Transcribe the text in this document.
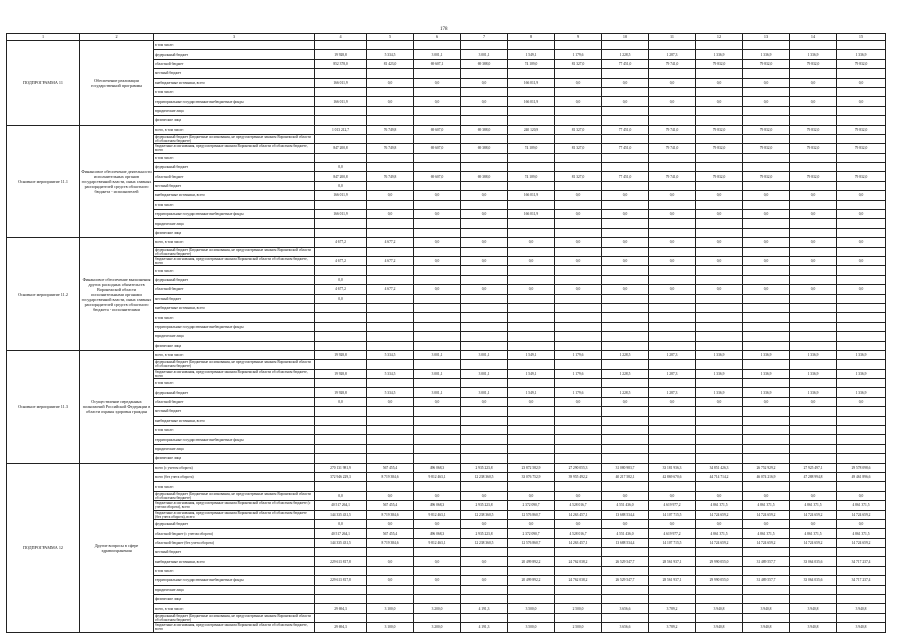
178
1	2	3	4	5	6	7	8	9	10	11	12	13	14	15
ПОДПРОГРАММА 11	Обеспечение реализации государственной программы	в том числе:												
		федеральный бюджет	19 928,8	5 334,5	3 001,1	3 001,1	1 549,1	1 179,6	1 228,5	1 287,3	1 336,9	1 336,9	1 336,9	1 336,9
		областной бюджет	852 378,0	81 423,0	69 607,1	69 388,0	74 109,0	81 327,0	77 451,0	79 741,0	79 832,0	79 832,0	79 832,0	79 832,0
		местный бюджет												
		внебюджетные источники, всего	166 011,9	0,0	0,0	0,0	166 011,9	0,0	0,0	0,0	0,0	0,0	0,0	0,0
		в том числе:												
		территориальные государственные внебюджетные фонды	166 011,9	0,0	0,0	0,0	166 011,9	0,0	0,0	0,0	0,0	0,0	0,0	0,0
		юридические лица												
		физические лица												
Основное мероприятие 11.1	Финансовое обеспечение деятельности исполнительных органов государственной власти, иных главных распорядителей средств областного бюджета - исполнителей	всего, в том числе:	1 013 212,7	76 749,8	69 607,0	69 388,0	240 120,9	81 327,0	77 451,0	79 741,0	79 832,0	79 832,0	79 832,0	79 832,0
		федеральный бюджет (Бюджетные ассигнования, не предусмотренные законом Воронежской области об областном бюджете)												
		бюджетные ассигнования, предусмотренные законом Воронежской области об областном бюджете, всего	847 200,8	76 749,8	69 607,0	69 388,0	74 109,0	81 327,0	77 451,0	79 741,0	79 832,0	79 832,0	79 832,0	79 832,0
		в том числе:												
		федеральный бюджет	0,0											
		областной бюджет	847 200,8	76 749,8	69 607,0	69 388,0	74 109,0	81 327,0	77 451,0	79 741,0	79 832,0	79 832,0	79 832,0	79 832,0
		местный бюджет	0,0											
		внебюджетные источники, всего	166 011,9	0,0	0,0	0,0	166 011,9	0,0	0,0	0,0	0,0	0,0	0,0	0,0
		в том числе:												
		территориальные государственные внебюджетные фонды	166 011,9	0,0	0,0	0,0	166 011,9	0,0	0,0	0,0	0,0	0,0	0,0	0,0
		юридические лица												
		физические лица												
Основное мероприятие 11.2	Финансовое обеспечение выполнения других расходных обязательств Воронежской области исполнительными органами государственной власти, иных главных распорядителей средств областного бюджета - исполнителями	всего, в том числе:	4 677,2	4 677,2	0,0	0,0	0,0	0,0	0,0	0,0	0,0	0,0	0,0	0,0
		федеральный бюджет (Бюджетные ассигнования, не предусмотренные законом Воронежской области об областном бюджете)												
		бюджетные ассигнования, предусмотренные законом Воронежской области об областном бюджете, всего	4 677,2	4 677,2	0,0	0,0	0,0	0,0	0,0	0,0	0,0	0,0	0,0	0,0
		в том числе:												
		федеральный бюджет	0,0											
		областной бюджет	4 677,2	4 677,2	0,0	0,0	0,0	0,0	0,0	0,0	0,0	0,0	0,0	0,0
		местный бюджет	0,0											
		внебюджетные источники, всего												
		в том числе:												
		территориальные государственные внебюджетные фонды												
		юридические лица												
		физические лица												
Основное мероприятие 11.3	Осуществление переданных полномочий Российской Федерации в области охраны здоровья граждан	всего, в том числе:	19 928,8	5 334,5	3 001,1	3 001,1	1 549,1	1 179,6	1 228,5	1 287,3	1 336,9	1 336,9	1 336,9	1 336,9
		федеральный бюджет (Бюджетные ассигнования, не предусмотренные законом Воронежской области об областном бюджете)												
		бюджетные ассигнования, предусмотренные законом Воронежской области об областном бюджете, всего	19 928,8	5 334,5	3 001,1	3 001,1	1 549,1	1 179,6	1 228,5	1 287,3	1 336,9	1 336,9	1 336,9	1 336,9
		в том числе:												
		федеральный бюджет	19 928,8	5 334,5	3 001,1	3 001,1	1 549,1	1 179,6	1 228,5	1 287,3	1 336,9	1 336,9	1 336,9	1 336,9
		областной бюджет	0,0	0,0	0,0	0,0	0,0	0,0	0,0	0,0	0,0	0,0	0,0	0,0
		местный бюджет												
		внебюджетные источники, всего												
		в том числе:												
		территориальные государственные внебюджетные фонды												
		юридические лица												
		физические лица												
ПОДПРОГРАММА 12	Другие вопросы в сфере здравоохранения	всего (с учетом оборота)	270 131 981,9	567 455,4	496 068,3	2 935 223,8	23 872 582,9	27 290 055,3	31 080 983,7	33 181 936,3	34 851 426,3	26 752 929,2	27 925 497,1	29 578 098,6
		всего (без учета оборота)	372 946 229,3	8 719 384,6	9 812 463,1	12 238 360,5	33 076 752,9	39 955 492,2	40 217 582,1	42 869 670,6	44 714 714,2	46 074 216,9	47 288 994,8	49 461 896,6
		в том числе:												
		федеральный бюджет (Бюджетные ассигнования, не предусмотренные законом Воронежской области об областном бюджете)	0,0	0,0	0,0	0,0	0,0	0,0	0,0	0,0	0,0	0,0	0,0	0,0
		бюджетные ассигнования, предусмотренные законом Воронежской области об областном бюджете (с учетом оборота), всего	40 517 264,1	567 455,4	496 068,3	2 935 223,8	2 372 090,7	4 528 016,7	4 551 436,0	4 619 977,2	4 861 371,5	4 861 371,5	4 861 371,5	4 861 371,5
		бюджетные ассигнования, предусмотренные законом Воронежской области об областном бюджете (без учета оборота), всего	144 335 431,5	8 719 384,6	9 812 463,1	12 238 360,5	12 576 860,7	14 263 457,1	13 688 534,4	14 107 715,5	14 724 659,2	14 724 659,2	14 724 659,2	14 724 659,2
		федеральный бюджет	0,0	0,0	0,0	0,0	0,0	0,0	0,0	0,0	0,0	0,0	0,0	0,0
		областной бюджет (с учетом оборота)	40 517 264,1	567 455,4	496 068,3	2 935 223,8	2 372 090,7	4 528 016,7	4 551 436,0	4 619 977,2	4 861 371,5	4 861 371,5	4 861 371,5	4 861 371,5
		областной бюджет (без учета оборота)	144 335 431,5	8 719 384,6	9 812 463,1	12 238 360,5	12 576 860,7	14 263 457,1	13 688 534,4	14 107 715,5	14 724 659,2	14 724 659,2	14 724 659,2	14 724 659,2
		местный бюджет												
		внебюджетные источники, всего	229 613 817,8	0,0	0,0	0,0	20 499 892,2	24 762 038,2	26 529 547,7	28 561 937,1	29 990 055,0	31 489 557,7	33 064 035,6	34 717 237,4
		в том числе:												
		территориальные государственные внебюджетные фонды	229 613 817,8	0,0	0,0	0,0	20 499 892,2	24 762 038,2	26 529 547,7	28 561 937,1	29 990 055,0	31 489 557,7	33 064 035,6	34 717 237,4
		юридические лица												
		физические лица												
		всего, в том числе:	29 694,3	3 100,0	3 200,0	4 191,3	3 500,0	2 500,0	3 656,6	3 789,2	3 940,8	3 940,8	3 940,8	3 940,8
		федеральный бюджет (Бюджетные ассигнования, не предусмотренные законом Воронежской области об областном бюджете)												
		бюджетные ассигнования, предусмотренные законом Воронежской области об областном бюджете, всего	29 694,3	3 100,0	3 200,0	4 191,3	3 500,0	2 500,0	3 656,6	3 789,2	3 940,8	3 940,8	3 940,8	3 940,8
